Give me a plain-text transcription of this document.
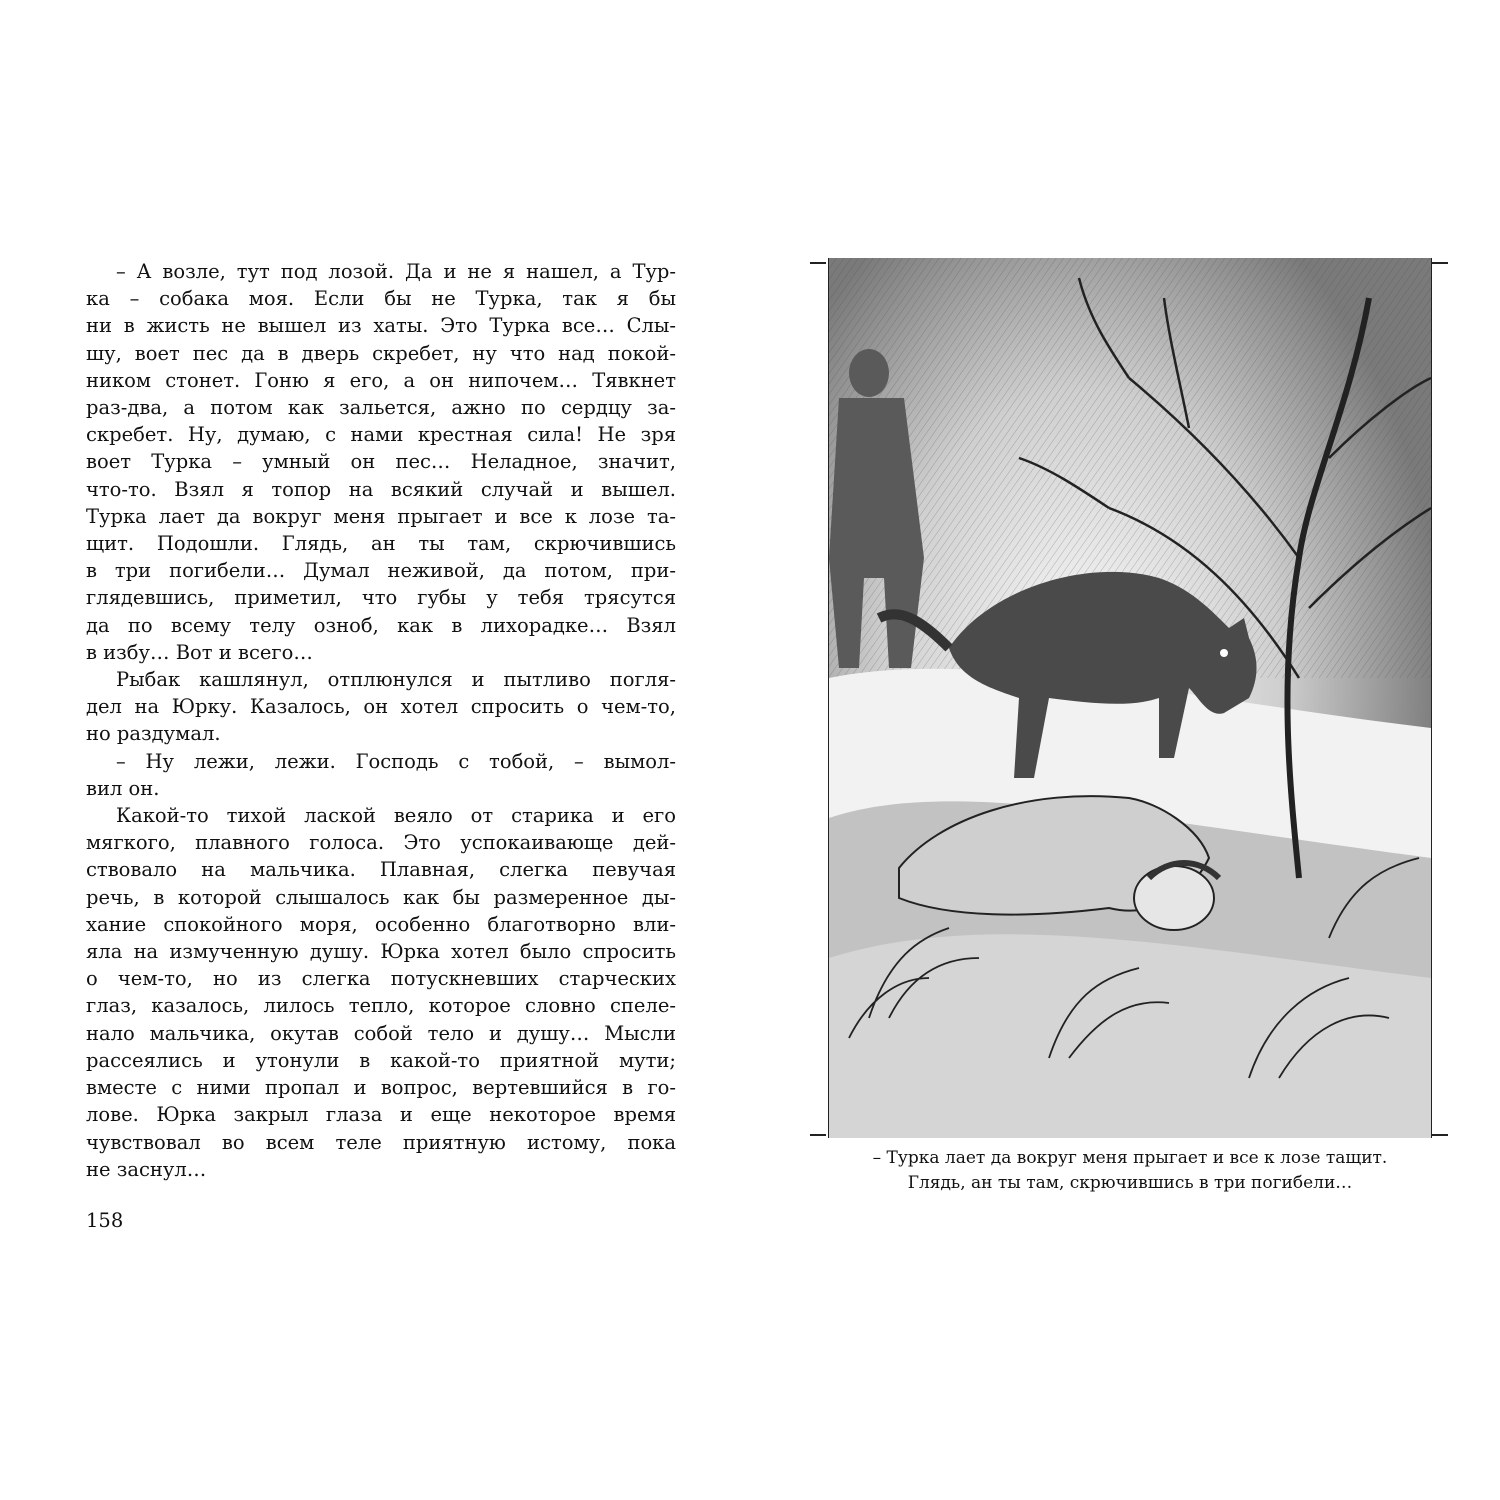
– А возле, тут под лозой. Да и не я нашел, а Тур-
ка – собака моя. Если бы не Турка, так я бы
ни в жисть не вышел из хаты. Это Турка все… Слы-
шу, воет пес да в дверь скребет, ну что над покой-
ником стонет. Гоню я его, а он нипочем… Тявкнет
раз-два, а потом как зальется, ажно по сердцу за-
скребет. Ну, думаю, с нами крестная сила! Не зря
воет Турка – умный он пес… Неладное, значит,
что-то. Взял я топор на всякий случай и вышел.
Турка лает да вокруг меня прыгает и все к лозе та-
щит. Подошли. Глядь, ан ты там, скрючившись
в три погибели… Думал неживой, да потом, при-
глядевшись, приметил, что губы у тебя трясутся
да по всему телу озноб, как в лихорадке… Взял
в избу… Вот и всего…
Рыбак кашлянул, отплюнулся и пытливо погля-
дел на Юрку. Казалось, он хотел спросить о чем-то,
но раздумал.
– Ну лежи, лежи. Господь с тобой, – вымол-
вил он.
Какой-то тихой лаской веяло от старика и его
мягкого, плавного голоса. Это успокаивающе дей-
ствовало на мальчика. Плавная, слегка певучая
речь, в которой слышалось как бы размеренное ды-
хание спокойного моря, особенно благотворно вли-
яла на измученную душу. Юрка хотел было спросить
о чем-то, но из слегка потускневших старческих
глаз, казалось, лилось тепло, которое словно спеле-
нало мальчика, окутав собой тело и душу… Мысли
рассеялись и утонули в какой-то приятной мути;
вместе с ними пропал и вопрос, вертевшийся в го-
лове. Юрка закрыл глаза и еще некоторое время
чувствовал во всем теле приятную истому, пока
не заснул…
158
– Турка лает да вокруг меня прыгает и все к лозе тащит.
Глядь, ан ты там, скрючившись в три погибели…
